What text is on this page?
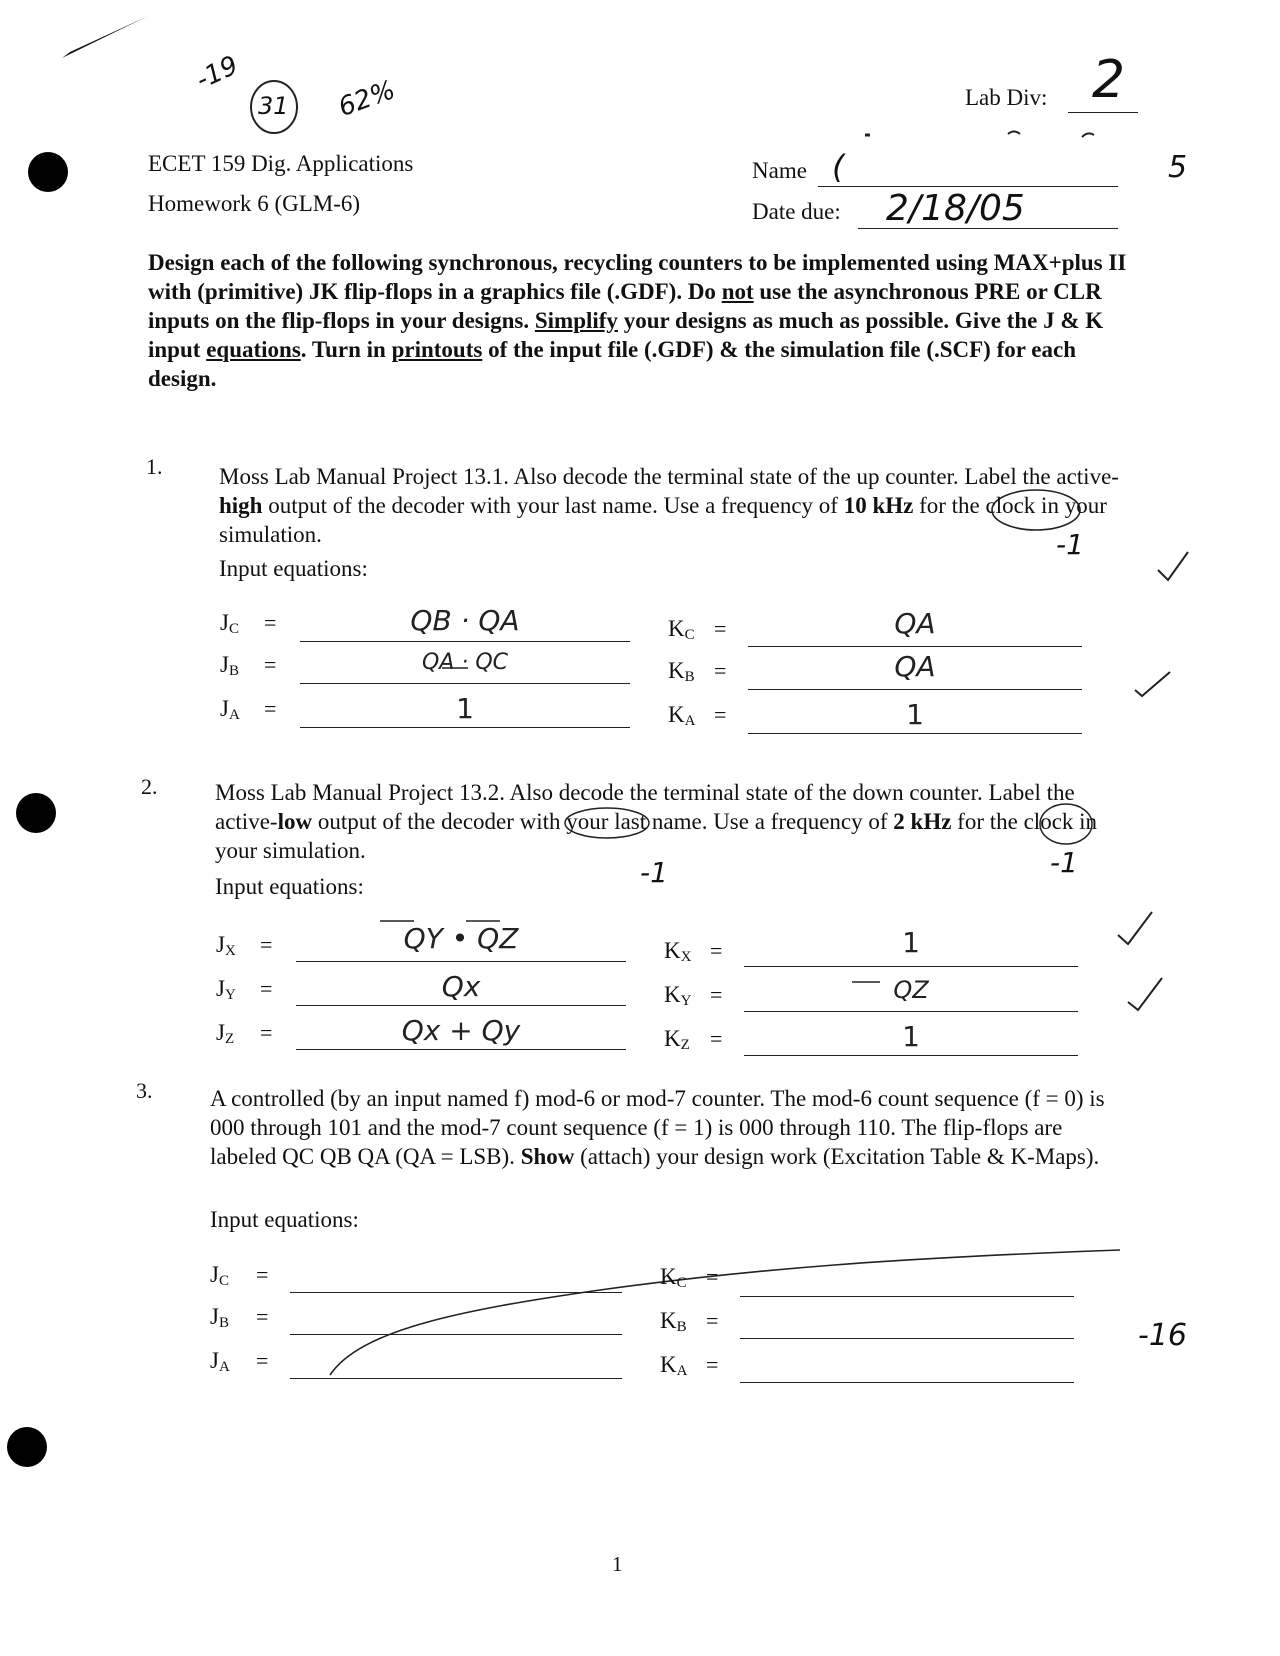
-19
31 62%
-16
5
Lab Div: 2
ECET 159 Dig. Applications
Homework 6 (GLM-6)
Name (
Date due: 2/18/05
Design each of the following synchronous, recycling counters to be implemented using MAX+plus II with (primitive) JK flip-flops in a graphics file (.GDF). Do not use the asynchronous PRE or CLR inputs on the flip-flops in your designs. Simplify your designs as much as possible. Give the J & K input equations. Turn in printouts of the input file (.GDF) & the simulation file (.SCF) for each design.
1. Moss Lab Manual Project 13.1. Also decode the terminal state of the up counter. Label the active-high output of the decoder with your last name. Use a frequency of 10 kHz for the clock in your simulation.
Input equations:
-1
$J_C$ =	QB · QA	$K_C$ =	QA
$J_B$ =	QA · QC	$K_B$ =	QA
$J_A$ =	1	$K_A$ =	1
2.	Moss Lab Manual Project 13.2. Also decode the terminal state of the down counter. Label the active-low output of the decoder with your last name. Use a frequency of 2 kHz for the clock in your simulation.
Input equations:	-1	-1
$J_X$ =	QY • QZ	$K_X$ =	1
$J_Y$ =	Qx	$K_Y$ =	QZ
$J_Z$ =	Qx + Qy	$K_Z$ =	1
3.	A controlled (by an input named f) mod-6 or mod-7 counter. The mod-6 count sequence (f = 0) is 000 through 101 and the mod-7 count sequence (f = 1) is 000 through 110. The flip-flops are labeled QC QB QA (QA = LSB). Show (attach) your design work (Excitation Table & K-Maps).
Input equations:
$J_C$ =	$K_C$ =
$J_B$ =	$K_B$ =
$J_A$ =	$K_A$ =
1
